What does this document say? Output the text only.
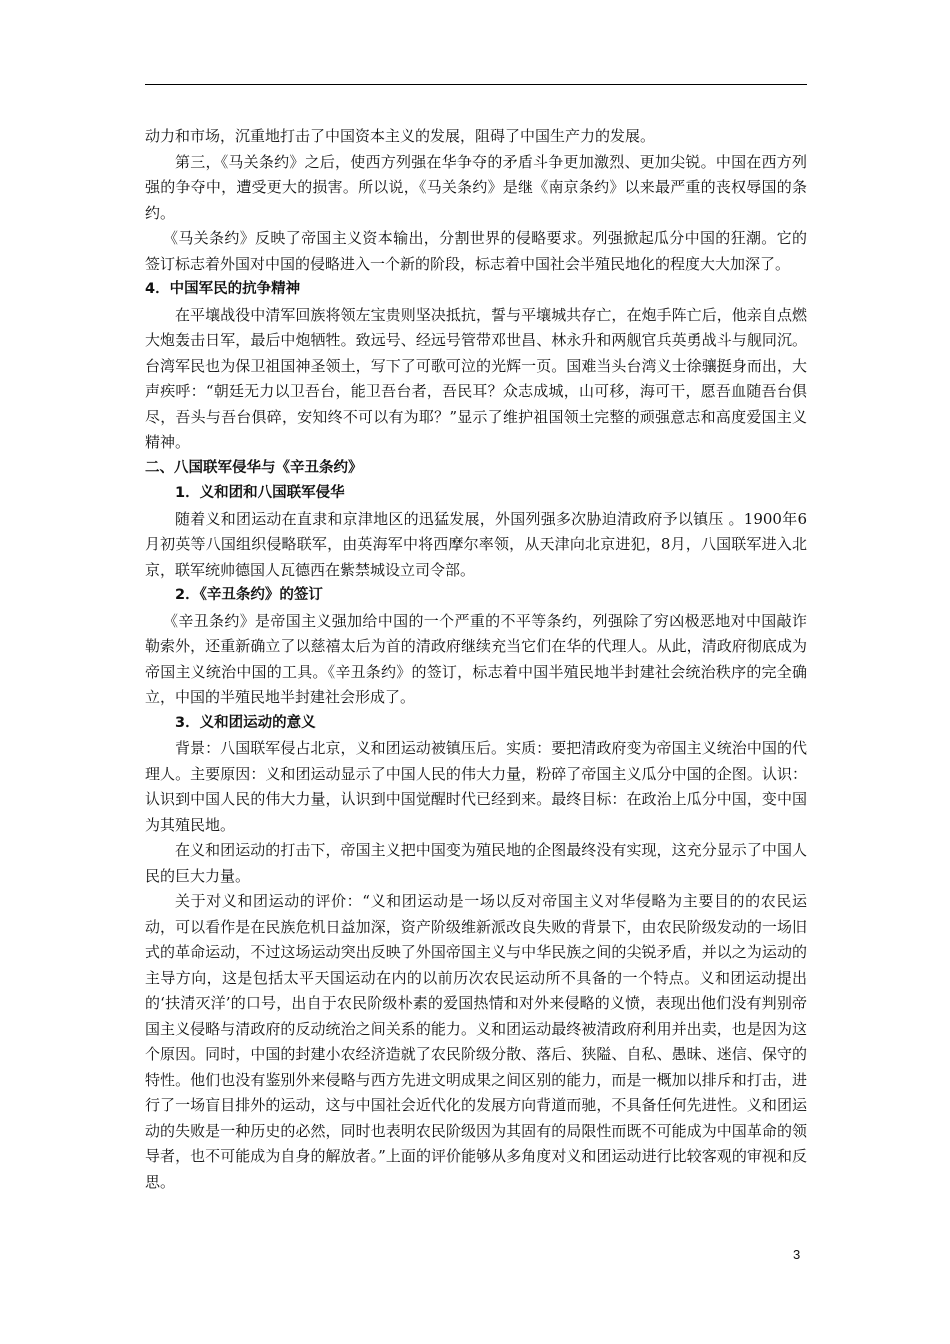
动力和市场，沉重地打击了中国资本主义的发展，阻碍了中国生产力的发展。

第三，《马关条约》之后，使西方列强在华争夺的矛盾斗争更加激烈、更加尖锐。中国在西方列强的争夺中，遭受更大的损害。所以说，《马关条约》是继《南京条约》以来最严重的丧权辱国的条约。

《马关条约》反映了帝国主义资本输出，分割世界的侵略要求。列强掀起瓜分中国的狂潮。它的签订标志着外国对中国的侵略进入一个新的阶段，标志着中国社会半殖民地化的程度大大加深了。

4．中国军民的抗争精神

在平壤战役中清军回族将领左宝贵则坚决抵抗，誓与平壤城共存亡，在炮手阵亡后，他亲自点燃大炮轰击日军，最后中炮牺牲。致远号、经远号管带邓世昌、林永升和两舰官兵英勇战斗与舰同沉。台湾军民也为保卫祖国神圣领土，写下了可歌可泣的光辉一页。国难当头台湾义士徐骧挺身而出，大声疾呼：“朝廷无力以卫吾台，能卫吾台者，吾民耳？众志成城，山可移，海可干，愿吾血随吾台俱尽，吾头与吾台俱碎，安知终不可以有为耶？”显示了维护祖国领土完整的顽强意志和高度爱国主义精神。

二、八国联军侵华与《辛丑条约》

1．义和团和八国联军侵华

随着义和团运动在直隶和京津地区的迅猛发展，外国列强多次胁迫清政府予以镇压 。1900年6月初英等八国组织侵略联军，由英海军中将西摩尔率领，从天津向北京进犯，8月，八国联军进入北京，联军统帅德国人瓦德西在紫禁城设立司令部。

2．《辛丑条约》的签订

《辛丑条约》是帝国主义强加给中国的一个严重的不平等条约，列强除了穷凶极恶地对中国敲诈勒索外，还重新确立了以慈禧太后为首的清政府继续充当它们在华的代理人。从此，清政府彻底成为帝国主义统治中国的工具。《辛丑条约》的签订，标志着中国半殖民地半封建社会统治秩序的完全确立，中国的半殖民地半封建社会形成了。

3．义和团运动的意义

背景：八国联军侵占北京，义和团运动被镇压后。实质：要把清政府变为帝国主义统治中国的代理人。主要原因：义和团运动显示了中国人民的伟大力量，粉碎了帝国主义瓜分中国的企图。认识：认识到中国人民的伟大力量，认识到中国觉醒时代已经到来。最终目标：在政治上瓜分中国，变中国为其殖民地。

在义和团运动的打击下，帝国主义把中国变为殖民地的企图最终没有实现，这充分显示了中国人民的巨大力量。

关于对义和团运动的评价：“义和团运动是一场以反对帝国主义对华侵略为主要目的的农民运动，可以看作是在民族危机日益加深，资产阶级维新派改良失败的背景下，由农民阶级发动的一场旧式的革命运动，不过这场运动突出反映了外国帝国主义与中华民族之间的尖锐矛盾，并以之为运动的主导方向，这是包括太平天国运动在内的以前历次农民运动所不具备的一个特点。义和团运动提出的‘扶清灭洋’的口号，出自于农民阶级朴素的爱国热情和对外来侵略的义愤，表现出他们没有判别帝国主义侵略与清政府的反动统治之间关系的能力。义和团运动最终被清政府利用并出卖，也是因为这个原因。同时，中国的封建小农经济造就了农民阶级分散、落后、狭隘、自私、愚昧、迷信、保守的特性。他们也没有鉴别外来侵略与西方先进文明成果之间区别的能力，而是一概加以排斥和打击，进行了一场盲目排外的运动，这与中国社会近代化的发展方向背道而驰，不具备任何先进性。义和团运动的失败是一种历史的必然，同时也表明农民阶级因为其固有的局限性而既不可能成为中国革命的领导者，也不可能成为自身的解放者。”上面的评价能够从多角度对义和团运动进行比较客观的审视和反思。

3
